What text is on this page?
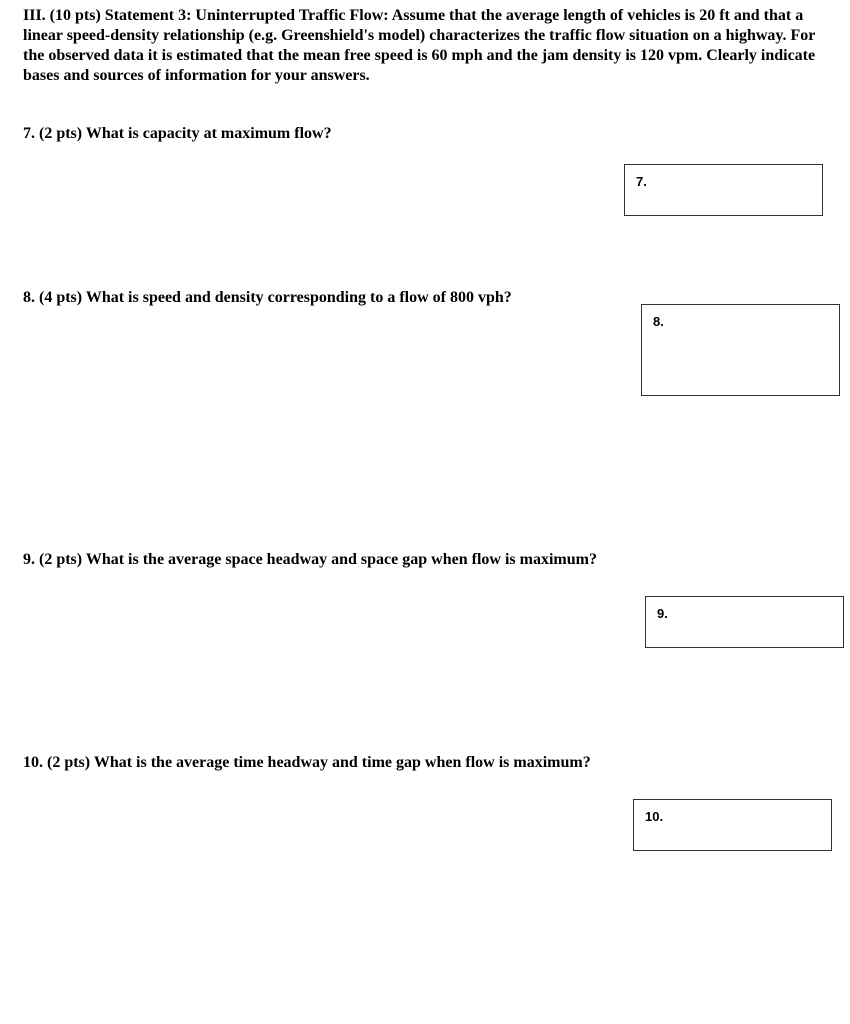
III. (10 pts) Statement 3: Uninterrupted Traffic Flow: Assume that the average length of vehicles is 20 ft and that a linear speed-density relationship (e.g. Greenshield's model) characterizes the traffic flow situation on a highway. For the observed data it is estimated that the mean free speed is 60 mph and the jam density is 120 vpm. Clearly indicate bases and sources of information for your answers.
7. (2 pts) What is capacity at maximum flow?
7.
8. (4 pts) What is speed and density corresponding to a flow of 800 vph?
8.
9. (2 pts) What is the average space headway and space gap when flow is maximum?
9.
10. (2 pts) What is the average time headway and time gap when flow is maximum?
10.
